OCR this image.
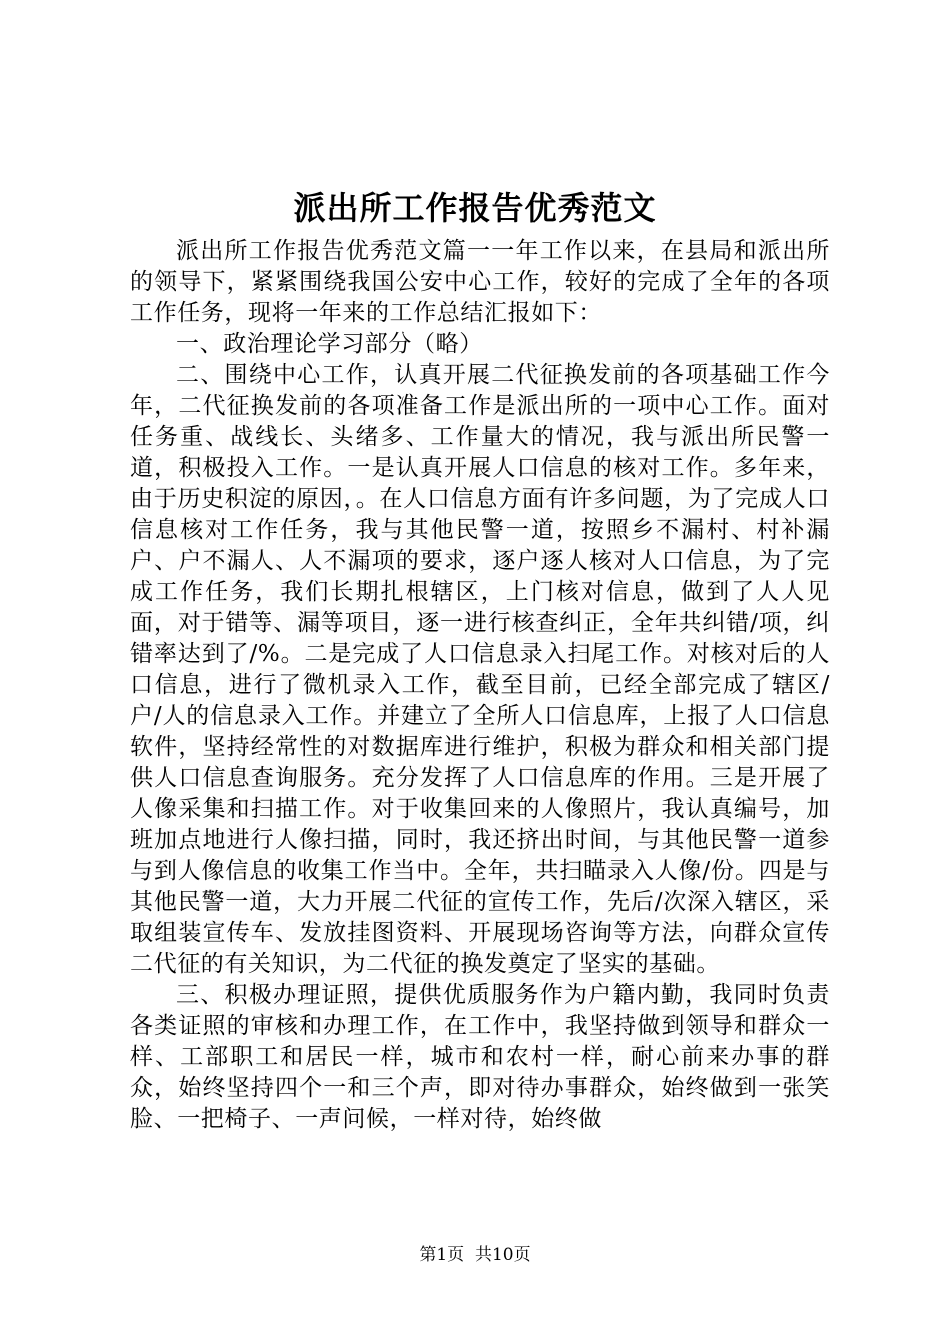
派出所工作报告优秀范文

派出所工作报告优秀范文篇一一年工作以来，在县局和派出所的领导下，紧紧围绕我国公安中心工作，较好的完成了全年的各项工作任务，现将一年来的工作总结汇报如下：

一、政治理论学习部分（略）

二、围绕中心工作，认真开展二代征换发前的各项基础工作今年，二代征换发前的各项准备工作是派出所的一项中心工作。面对任务重、战线长、头绪多、工作量大的情况，我与派出所民警一道，积极投入工作。一是认真开展人口信息的核对工作。多年来，由于历史积淀的原因，。在人口信息方面有许多问题，为了完成人口信息核对工作任务，我与其他民警一道，按照乡不漏村、村补漏户、户不漏人、人不漏项的要求，逐户逐人核对人口信息，为了完成工作任务，我们长期扎根辖区，上门核对信息，做到了人人见面，对于错等、漏等项目，逐一进行核查纠正，全年共纠错/项，纠错率达到了/%。二是完成了人口信息录入扫尾工作。对核对后的人口信息，进行了微机录入工作，截至目前，已经全部完成了辖区/户/人的信息录入工作。并建立了全所人口信息库，上报了人口信息软件，坚持经常性的对数据库进行维护，积极为群众和相关部门提供人口信息查询服务。充分发挥了人口信息库的作用。三是开展了人像采集和扫描工作。对于收集回来的人像照片，我认真编号，加班加点地进行人像扫描，同时，我还挤出时间，与其他民警一道参与到人像信息的收集工作当中。全年，共扫瞄录入人像/份。四是与其他民警一道，大力开展二代征的宣传工作，先后/次深入辖区，采取组装宣传车、发放挂图资料、开展现场咨询等方法，向群众宣传二代征的有关知识，为二代征的换发奠定了坚实的基础。

三、积极办理证照，提供优质服务作为户籍内勤，我同时负责各类证照的审核和办理工作，在工作中，我坚持做到领导和群众一样、工部职工和居民一样，城市和农村一样，耐心前来办事的群众，始终坚持四个一和三个声，即对待办事群众，始终做到一张笑脸、一把椅子、一声问候，一样对待，始终做

第1页  共10页
